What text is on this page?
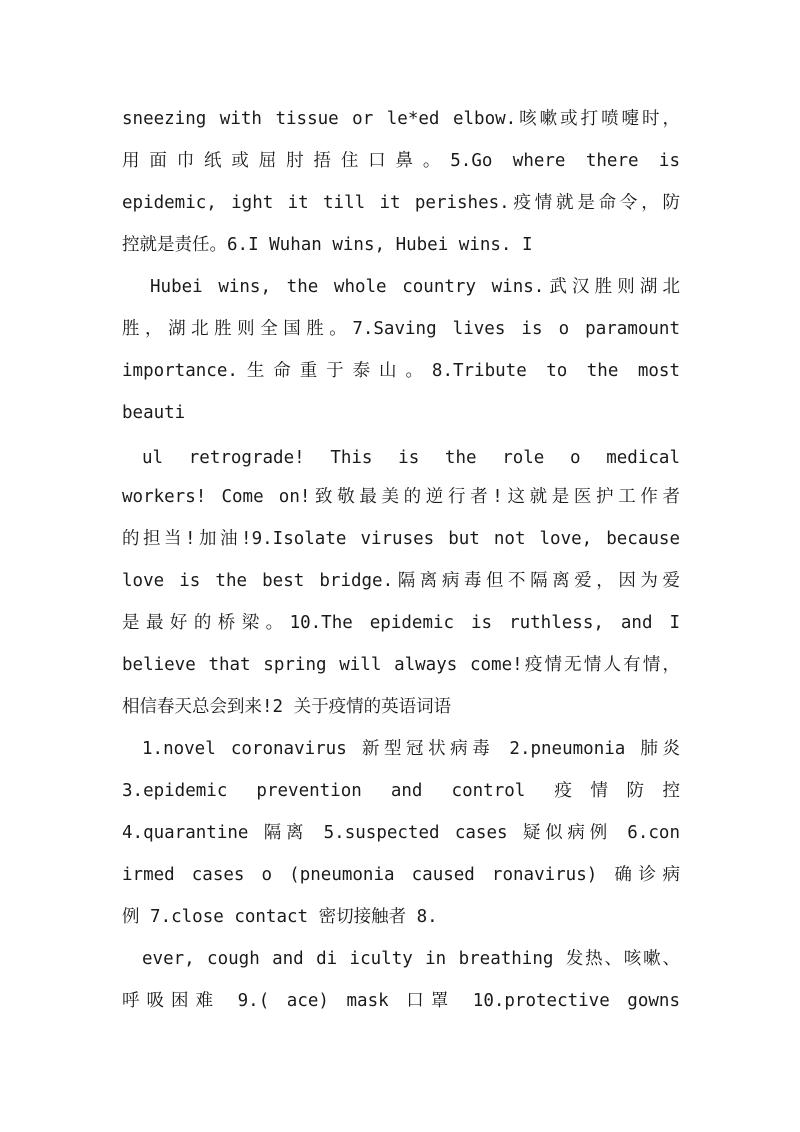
sneezing with tissue or le*ed elbow.咳嗽或打喷嚏时，
用面巾纸或屈肘捂住口鼻。5.Go where there is
epidemic, ight it till it perishes.疫情就是命令，防
控就是责任。6.I Wuhan wins, Hubei wins. I
Hubei wins, the whole country wins.武汉胜则湖北
胜，湖北胜则全国胜。7.Saving lives is o paramount
importance.生命重于泰山。8.Tribute to the most
beauti
ul retrograde! This is the role o medical
workers! Come on!致敬最美的逆行者!这就是医护工作者
的担当!加油!9.Isolate viruses but not love, because
love is the best bridge.隔离病毒但不隔离爱，因为爱
是最好的桥梁。10.The epidemic is ruthless, and I
believe that spring will always come!疫情无情人有情，
相信春天总会到来!2 关于疫情的英语词语
1.novel coronavirus 新型冠状病毒 2.pneumonia 肺炎
3.epidemic prevention and control 疫情防控
4.quarantine 隔离 5.suspected cases 疑似病例 6.con
irmed cases o (pneumonia caused ronavirus) 确诊病
例 7.close contact 密切接触者 8.
ever, cough and di iculty in breathing 发热、咳嗽、
呼吸困难 9.( ace) mask 口罩 10.protective gowns
